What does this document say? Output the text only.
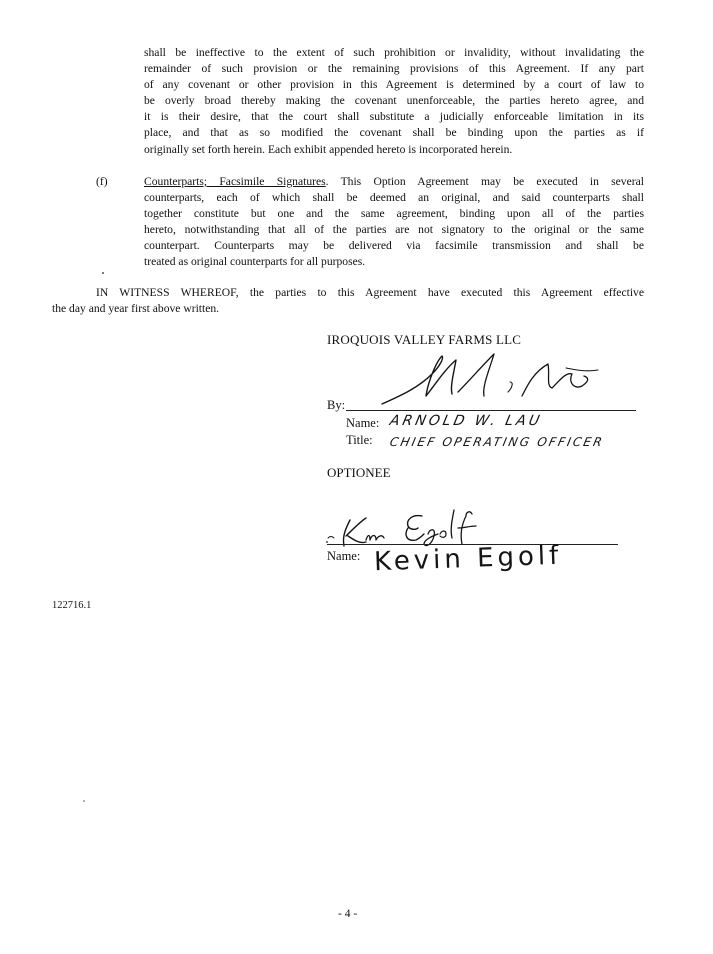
shall be ineffective to the extent of such prohibition or invalidity, without invalidating the
remainder of such provision or the remaining provisions of this Agreement. If any part
of any covenant or other provision in this Agreement is determined by a court of law to
be overly broad thereby making the covenant unenforceable, the parties hereto agree, and
it is their desire, that the court shall substitute a judicially enforceable limitation in its
place, and that as so modified the covenant shall be binding upon the parties as if
originally set forth herein. Each exhibit appended hereto is incorporated herein.
(f)	Counterparts; Facsimile Signatures. This Option Agreement may be executed in several
counterparts, each of which shall be deemed an original, and said counterparts shall
together constitute but one and the same agreement, binding upon all of the parties
hereto, notwithstanding that all of the parties are not signatory to the original or the same
counterpart. Counterparts may be delivered via facsimile transmission and shall be
treated as original counterparts for all purposes.
IN WITNESS WHEREOF, the parties to this Agreement have executed this Agreement effective
the day and year first above written.
IROQUOIS VALLEY FARMS LLC
By:
Name: ARNOLD W. LAU
Title: CHIEF OPERATING OFFICER
OPTIONEE
Name: Kevin Egolf
122716.1
- 4 -
